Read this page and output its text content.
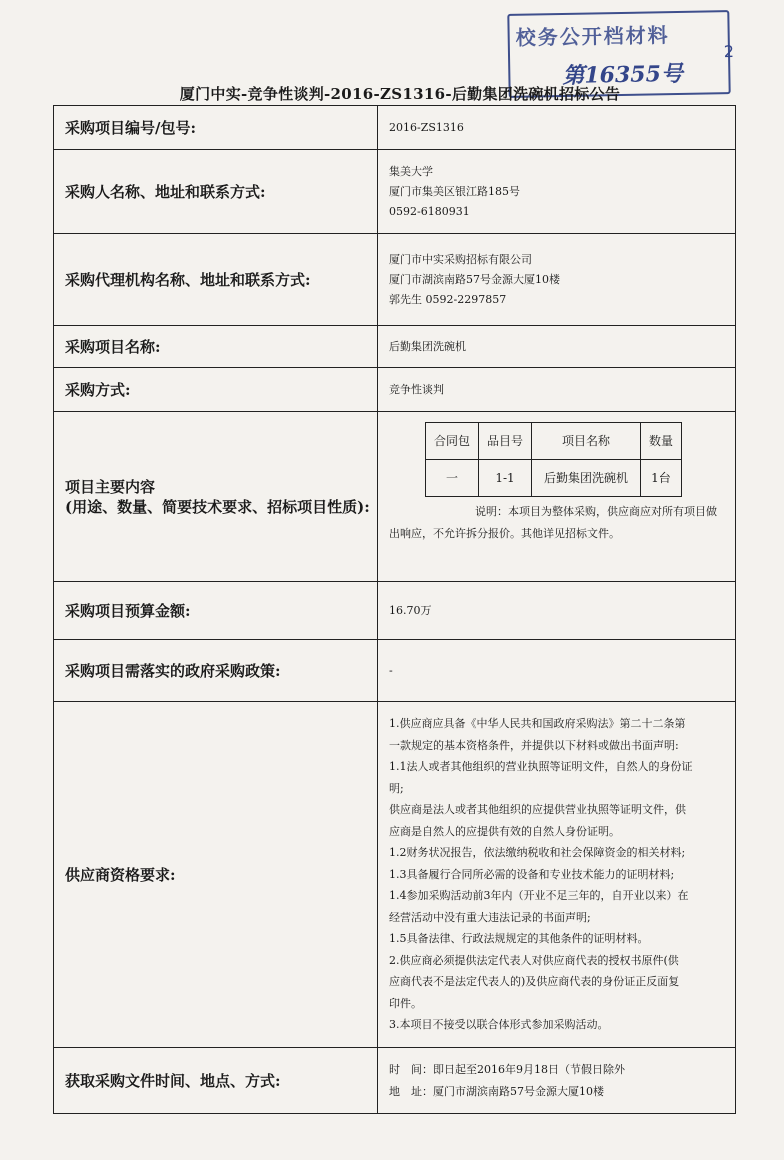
校务公开档材料
第16355号
2
厦门中实-竞争性谈判-2016-ZS1316-后勤集团洗碗机招标公告
采购项目编号/包号:	2016-ZS1316
采购人名称、地址和联系方式:	
集美大学
厦门市集美区银江路185号
0592-6180931

采购代理机构名称、地址和联系方式:	
厦门市中实采购招标有限公司
厦门市湖滨南路57号金源大厦10楼
郭先生 0592-2297857

采购项目名称:	后勤集团洗碗机
采购方式:	竞争性谈判

项目主要内容
(用途、数量、简要技术要求、招标项目性质):

合同包	品目号	项目名称	数量
一	1-1	后勤集团洗碗机	1台
说明：本项目为整体采购，供应商应对所有项目做出响应，不允许拆分报价。其他详见招标文件。

采购项目预算金额:	16.70万
采购项目需落实的政府采购政策:	-
供应商资格要求:	
1.供应商应具备《中华人民共和国政府采购法》第二十二条第
一款规定的基本资格条件，并提供以下材料或做出书面声明:
1.1法人或者其他组织的营业执照等证明文件，自然人的身份证
明;
供应商是法人或者其他组织的应提供营业执照等证明文件，供
应商是自然人的应提供有效的自然人身份证明。
1.2财务状况报告，依法缴纳税收和社会保障资金的相关材料;
1.3具备履行合同所必需的设备和专业技术能力的证明材料;
1.4参加采购活动前3年内（开业不足三年的，自开业以来）在
经营活动中没有重大违法记录的书面声明;
1.5具备法律、行政法规规定的其他条件的证明材料。
2.供应商必须提供法定代表人对供应商代表的授权书原件(供
应商代表不是法定代表人的)及供应商代表的身份证正反面复
印件。
3.本项目不接受以联合体形式参加采购活动。

获取采购文件时间、地点、方式:	
时　间：即日起至2016年9月18日（节假日除外
地　址：厦门市湖滨南路57号金源大厦10楼
